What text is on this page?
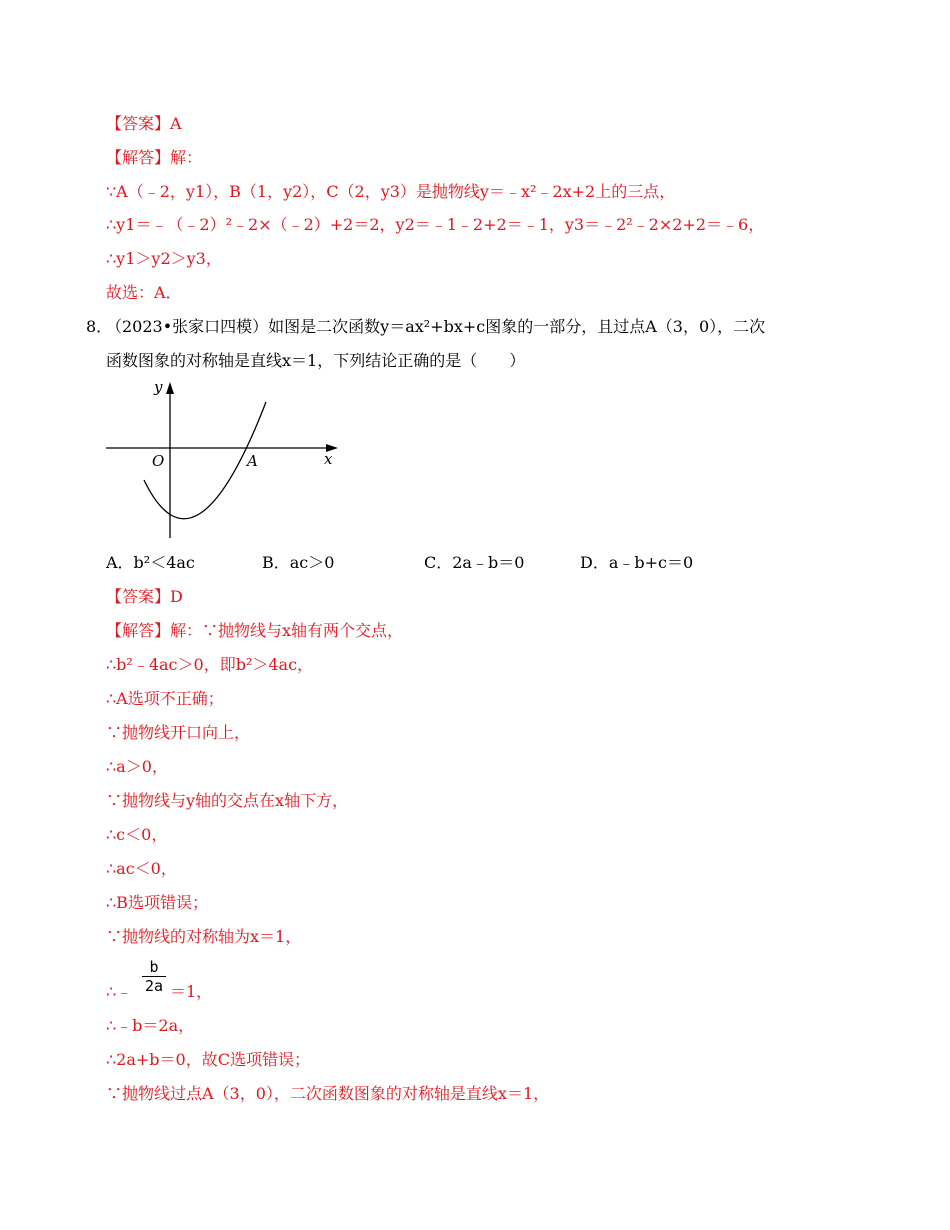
【答案】A
【解答】解：
∵A（﹣2，y1），B（1，y2），C（2，y3）是抛物线y＝﹣x²﹣2x+2上的三点，
∴y1＝﹣（﹣2）²﹣2×（﹣2）+2＝2，y2＝﹣1﹣2+2＝﹣1，y3＝﹣2²﹣2×2+2＝﹣6，
∴y1＞y2＞y3，
故选：A．
8．
（2023•张家口四模）如图是二次函数y＝ax²+bx+c图象的一部分，且过点A（3，0），二次
函数图象的对称轴是直线x＝1，下列结论正确的是（　　）
y
x
O	A
A．b²＜4ac	B．ac＞0	C．2a﹣b＝0	D．a﹣b+c＝0
【答案】D
【解答】解：∵抛物线与x轴有两个交点，
∴b²﹣4ac＞0，即b²＞4ac，
∴A选项不正确；
∵抛物线开口向上，
∴a＞0，
∵抛物线与y轴的交点在x轴下方，
∴c＜0，
∴ac＜0，
∴B选项错误；
∵抛物线的对称轴为x＝1，
∴﹣
b
2a ＝1，
∴﹣b＝2a，
∴2a+b＝0，故C选项错误；
∵抛物线过点A（3，0），二次函数图象的对称轴是直线x＝1，
